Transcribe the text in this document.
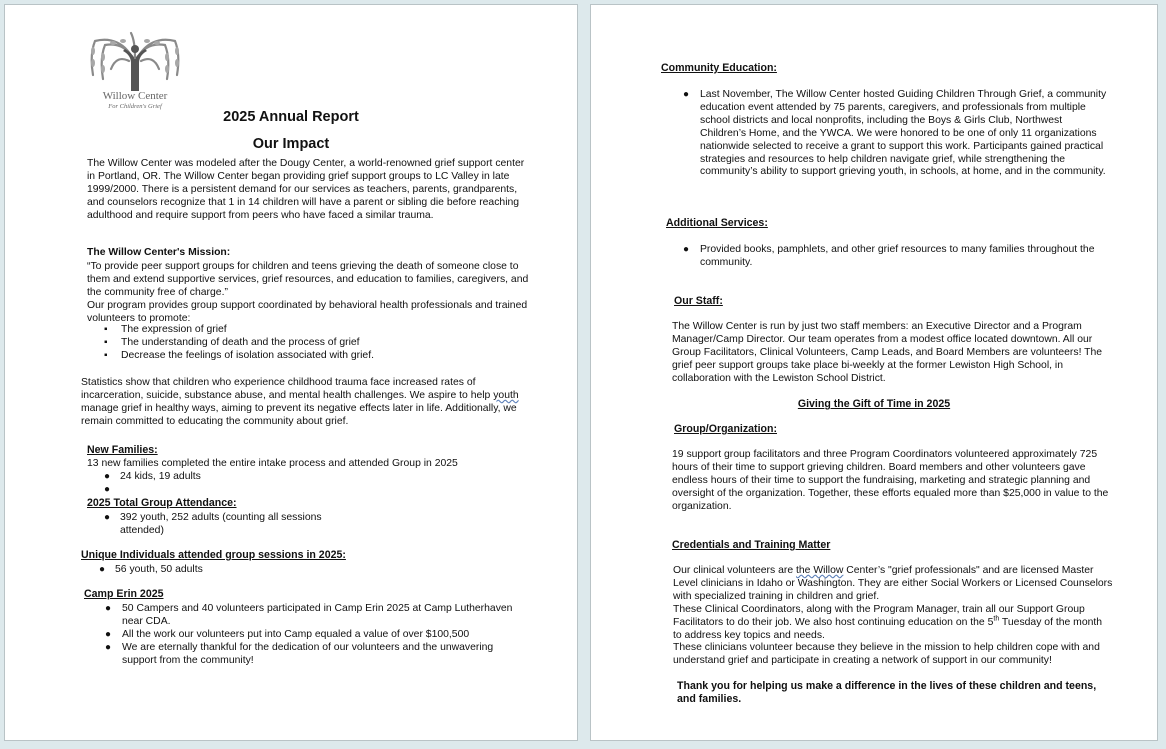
Willow Center
For Children's Grief
2025 Annual Report
Our Impact
The Willow Center was modeled after the Dougy Center, a world-renowned grief support center in Portland, OR. The Willow Center began providing grief support groups to LC Valley in late 1999/2000. There is a persistent demand for our services as teachers, parents, grandparents, and counselors recognize that 1 in 14 children will have a parent or sibling die before reaching adulthood and require support from peers who have faced a similar trauma.
The Willow Center's Mission:
“To provide peer support groups for children and teens grieving the death of someone close to them and extend supportive services, grief resources, and education to families, caregivers, and the community free of charge.”
Our program provides group support coordinated by behavioral health professionals and trained volunteers to promote:
▪ The expression of grief
▪ The understanding of death and the process of grief
▪ Decrease the feelings of isolation associated with grief.
Statistics show that children who experience childhood trauma face increased rates of incarceration, suicide, substance abuse, and mental health challenges. We aspire to help youth manage grief in healthy ways, aiming to prevent its negative effects later in life. Additionally, we remain committed to educating the community about grief.
New Families:
13 new families completed the entire intake process and attended Group in 2025
● 24 kids, 19 adults
●
2025 Total Group Attendance:
● 392 youth, 252 adults (counting all sessions attended)
Unique Individuals attended group sessions in 2025:
● 56 youth, 50 adults
Camp Erin 2025
● 50 Campers and 40 volunteers participated in Camp Erin 2025 at Camp Lutherhaven near CDA.
● All the work our volunteers put into Camp equaled a value of over $100,500
● We are eternally thankful for the dedication of our volunteers and the unwavering support from the community!
Community Education:
● Last November, The Willow Center hosted Guiding Children Through Grief, a community education event attended by 75 parents, caregivers, and professionals from multiple school districts and local nonprofits, including the Boys & Girls Club, Northwest Children’s Home, and the YWCA. We were honored to be one of only 11 organizations nationwide selected to receive a grant to support this work. Participants gained practical strategies and resources to help children navigate grief, while strengthening the community’s ability to support grieving youth, in schools, at home, and in the community.
Additional Services:
● Provided books, pamphlets, and other grief resources to many families throughout the community.
Our Staff:
The Willow Center is run by just two staff members: an Executive Director and a Program Manager/Camp Director. Our team operates from a modest office located downtown. All our Group Facilitators, Clinical Volunteers, Camp Leads, and Board Members are volunteers! The grief peer support groups take place bi-weekly at the former Lewiston High School, in collaboration with the Lewiston School District.
Giving the Gift of Time in 2025
Group/Organization:
19 support group facilitators and three Program Coordinators volunteered approximately 725 hours of their time to support grieving children. Board members and other volunteers gave endless hours of their time to support the fundraising, marketing and strategic planning and oversight of the organization. Together, these efforts equaled more than $25,000 in value to the organization.
Credentials and Training Matter

Our clinical volunteers are the Willow Center’s "grief professionals" and are licensed Master Level clinicians in Idaho or Washington. They are either Social Workers or Licensed Counselors with specialized training in children and grief.

These Clinical Coordinators, along with the Program Manager, train all our Support Group Facilitators to do their job. We also host continuing education on the 5th Tuesday of the month to address key topics and needs.

These clinicians volunteer because they believe in the mission to help children cope with and understand grief and participate in creating a network of support in our community!

Thank you for helping us make a difference in the lives of these children and teens, and families.
